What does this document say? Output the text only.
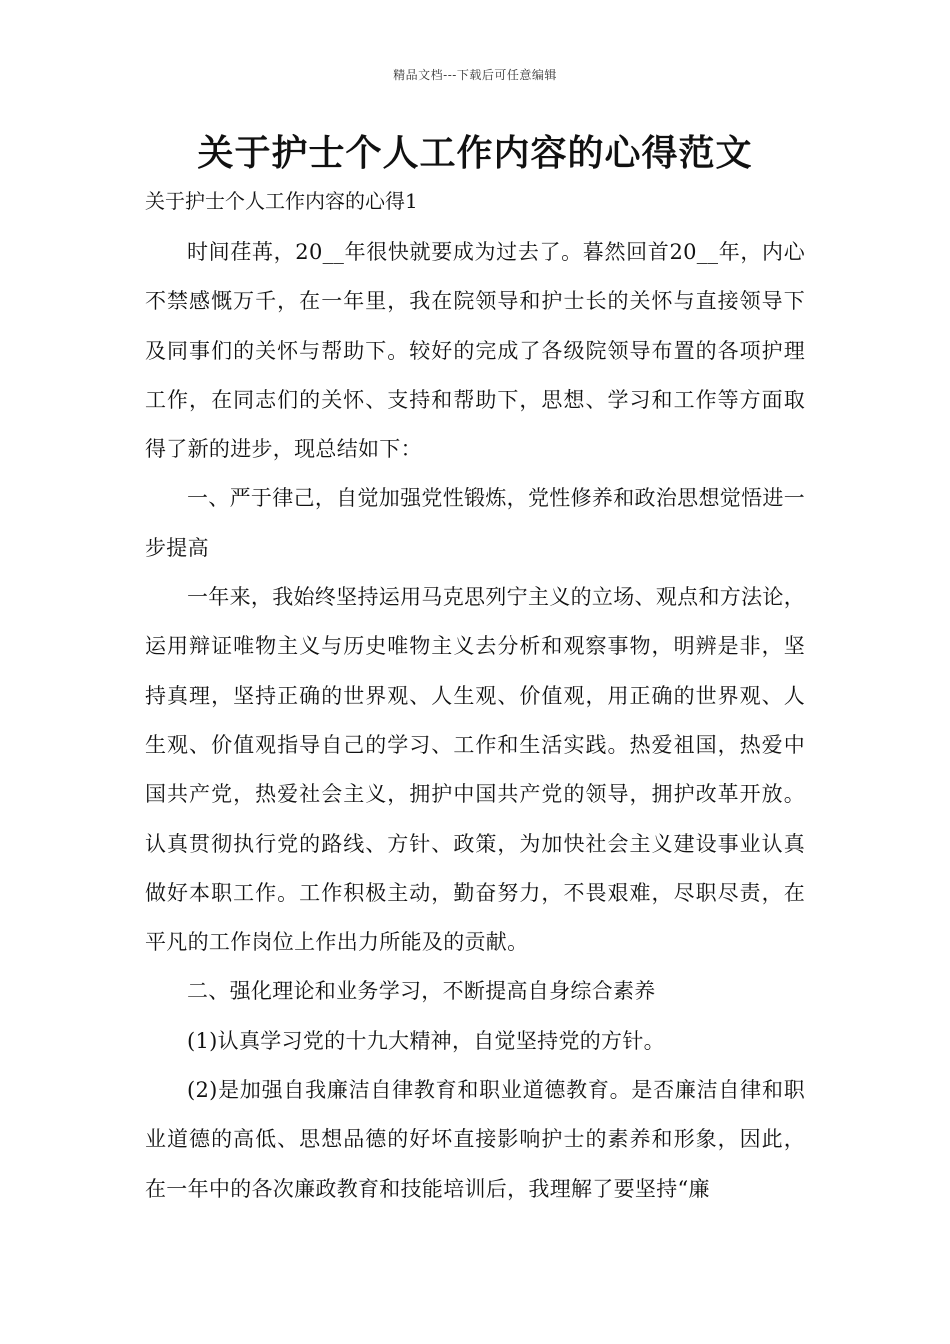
精品文档---下载后可任意编辑
关于护士个人工作内容的心得范文

关于护士个人工作内容的心得1

时间荏苒，20__年很快就要成为过去了。暮然回首20__年，内心不禁感慨万千，在一年里，我在院领导和护士长的关怀与直接领导下及同事们的关怀与帮助下。较好的完成了各级院领导布置的各项护理工作，在同志们的关怀、支持和帮助下，思想、学习和工作等方面取得了新的进步，现总结如下：

一、严于律己，自觉加强党性锻炼，党性修养和政治思想觉悟进一步提高

一年来，我始终坚持运用马克思列宁主义的立场、观点和方法论，运用辩证唯物主义与历史唯物主义去分析和观察事物，明辨是非，坚持真理，坚持正确的世界观、人生观、价值观，用正确的世界观、人生观、价值观指导自己的学习、工作和生活实践。热爱祖国，热爱中国共产党，热爱社会主义，拥护中国共产党的领导，拥护改革开放。认真贯彻执行党的路线、方针、政策，为加快社会主义建设事业认真做好本职工作。工作积极主动，勤奋努力，不畏艰难，尽职尽责，在平凡的工作岗位上作出力所能及的贡献。

二、强化理论和业务学习，不断提高自身综合素养

(1)认真学习党的十九大精神，自觉坚持党的方针。

(2)是加强自我廉洁自律教育和职业道德教育。是否廉洁自律和职业道德的高低、思想品德的好坏直接影响护士的素养和形象，因此，在一年中的各次廉政教育和技能培训后，我理解了要坚持“廉
